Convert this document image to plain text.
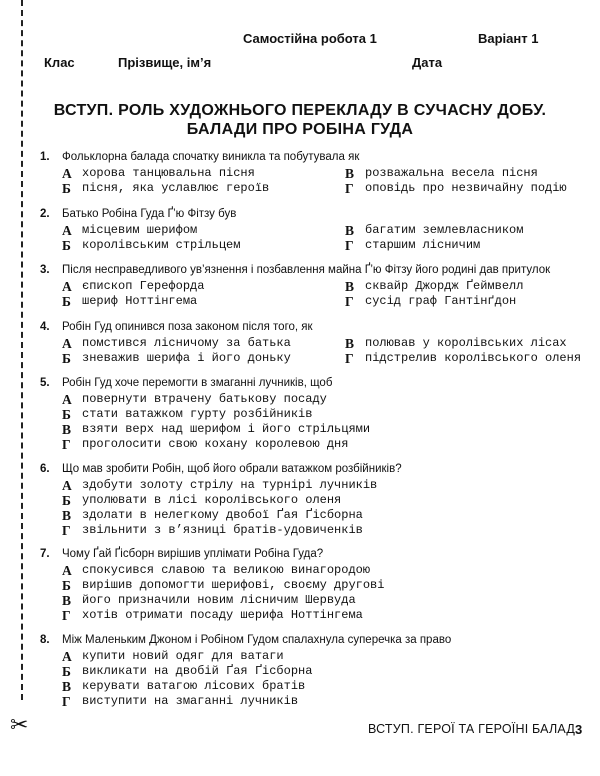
✂
Самостійна робота 1	Варіант 1
Клас	Прізвище, ім’я	Дата
ВСТУП. РОЛЬ ХУДОЖНЬОГО ПЕРЕКЛАДУ В СУЧАСНУ ДОБУ.
БАЛАДИ ПРО РОБІНА ГУДА
1. Фольклорна балада спочатку виникла та побутувала як
А хорова танцювальна пісня	В розважальна весела пісня
Б пісня, яка уславлює героїв	Г оповідь про незвичайну подію
2. Батько Робіна Гуда Ґ’ю Фітзу був
А місцевим шерифом	В багатим землевласником
Б королівським стрільцем	Г старшим лісничим
3. Після несправедливого ув’язнення і позбавлення майна Ґ’ю Фітзу його родині дав притулок
А єпископ Герефорда	В сквайр Джордж Ґеймвелл
Б шериф Ноттінгема	Г сусід граф Гантінґдон
4. Робін Гуд опинився поза законом після того, як
А помстився лісничому за батька	В полював у королівських лісах
Б зневажив шерифа і його доньку	Г підстрелив королівського оленя
5. Робін Гуд хоче перемогти в змаганні лучників, щоб
А повернути втрачену батькову посаду
Б стати ватажком гурту розбійників
В взяти верх над шерифом і його стрільцями
Г проголосити свою кохану королевою дня
6. Що мав зробити Робін, щоб його обрали ватажком розбійників?
А здобути золоту стрілу на турнірі лучників
Б уполювати в лісі королівського оленя
В здолати в нелегкому двобої Ґая Ґісборна
Г звільнити з в’язниці братів-удовиченків
7. Чому Ґай Ґісборн вирішив уплімати Робіна Гуда?
А спокусився славою та великою винагородою
Б вирішив допомогти шерифові, своєму другові
В його призначили новим лісничим Шервуда
Г хотів отримати посаду шерифа Ноттінгема
8. Між Маленьким Джоном і Робіном Гудом спалахнула суперечка за право
А купити новий одяг для ватаги
Б викликати на двобій Ґая Ґісборна
В керувати ватагою лісових братів
Г виступити на змаганні лучників
ВСТУП. ГЕРОЇ ТА ГЕРОЇНІ БАЛАД 3
